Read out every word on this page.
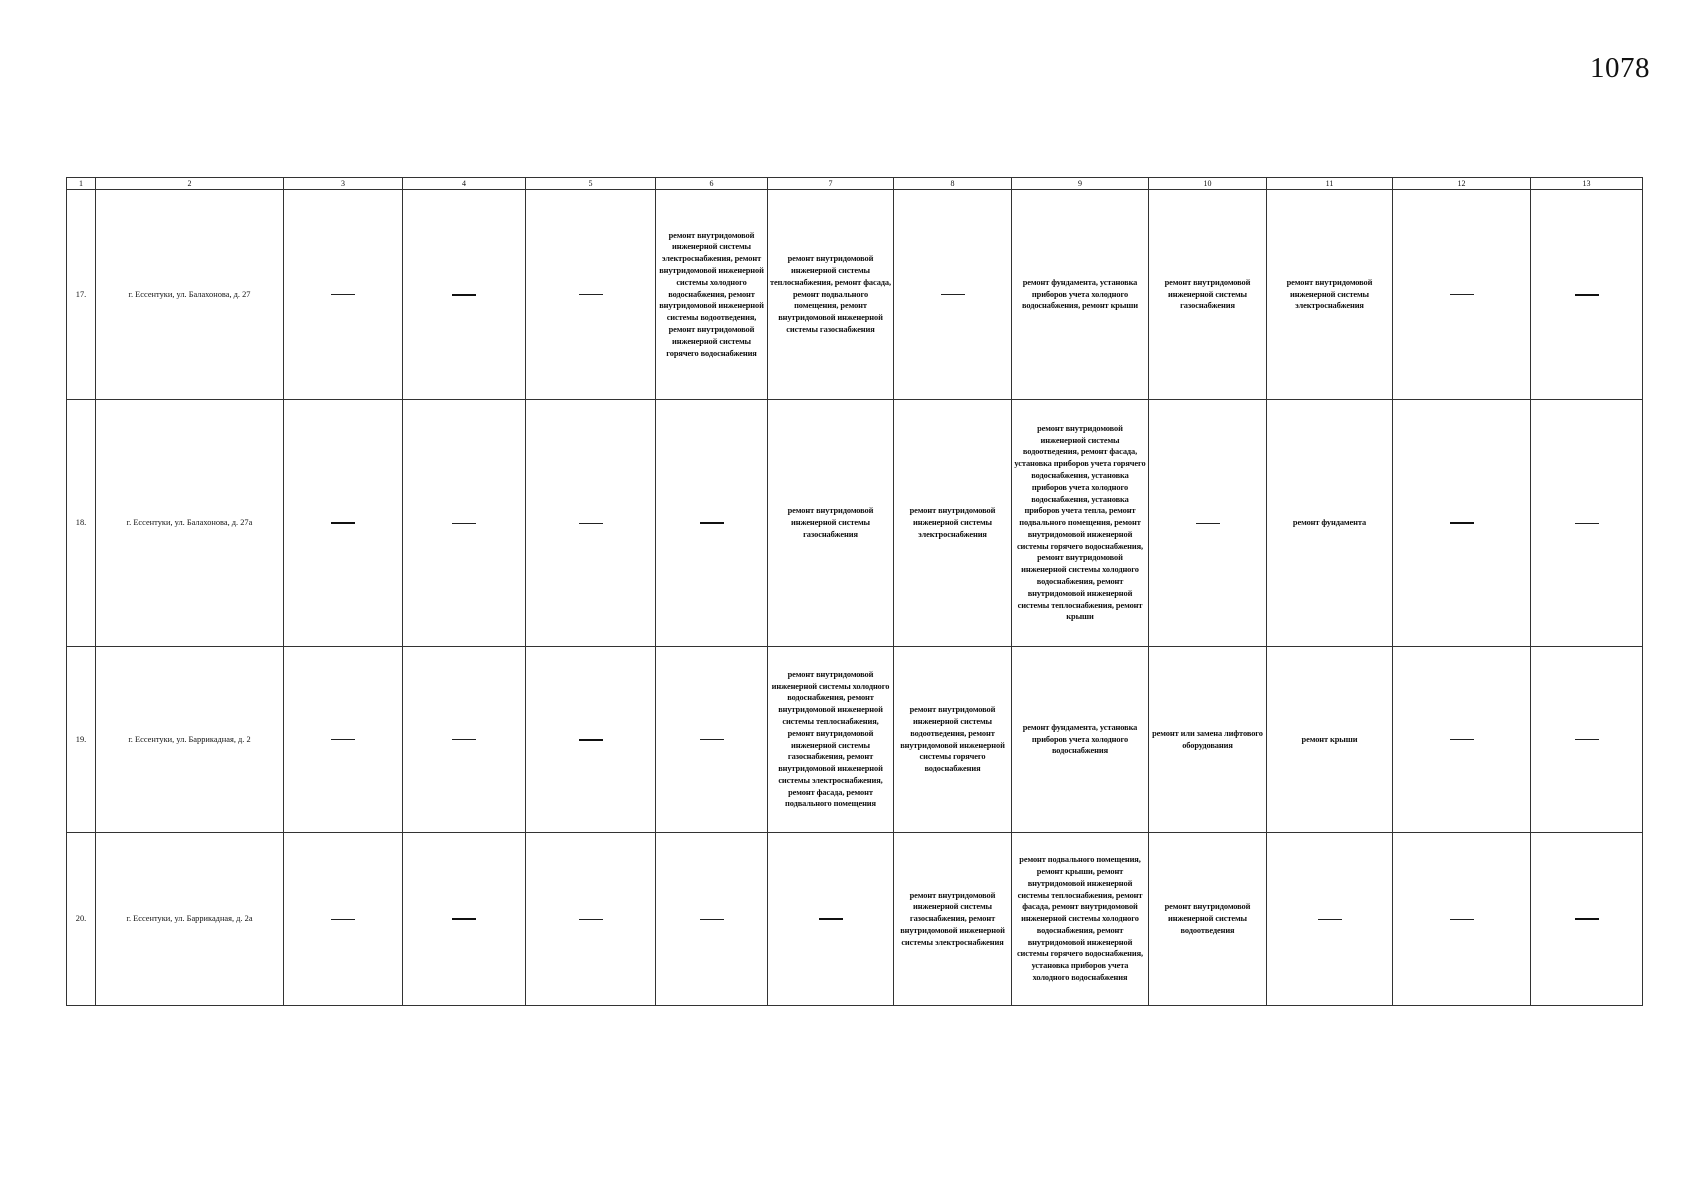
1078
1	2	3	4	5	6	7	8	9	10	11	12	13
17.	г. Ессентуки, ул. Балахонова, д. 27				ремонт внутридомовой инженерной системы электроснабжения, ремонт внутридомовой инженерной системы холодного водоснабжения, ремонт внутридомовой инженерной системы водоотведения, ремонт внутридомовой инженерной системы горячего водоснабжения	ремонт внутридомовой инженерной системы теплоснабжения, ремонт фасада, ремонт подвального помещения, ремонт внутридомовой инженерной системы газоснабжения		ремонт фундамента, установка приборов учета холодного водоснабжения, ремонт крыши	ремонт внутридомовой инженерной системы газоснабжения	ремонт внутридомовой инженерной системы электроснабжения		
18.	г. Ессентуки, ул. Балахонова, д. 27а					ремонт внутридомовой инженерной системы газоснабжения	ремонт внутридомовой инженерной системы электроснабжения	ремонт внутридомовой инженерной системы водоотведения, ремонт фасада, установка приборов учета горячего водоснабжения, установка приборов учета холодного водоснабжения, установка приборов учета тепла, ремонт подвального помещения, ремонт внутридомовой инженерной системы горячего водоснабжения, ремонт внутридомовой инженерной системы холодного водоснабжения, ремонт внутридомовой инженерной системы теплоснабжения, ремонт крыши		ремонт фундамента		
19.	г. Ессентуки, ул. Баррикадная, д. 2					ремонт внутридомовой инженерной системы холодного водоснабжения, ремонт внутридомовой инженерной системы теплоснабжения, ремонт внутридомовой инженерной системы газоснабжения, ремонт внутридомовой инженерной системы электроснабжения, ремонт фасада, ремонт подвального помещения	ремонт внутридомовой инженерной системы водоотведения, ремонт внутридомовой инженерной системы горячего водоснабжения	ремонт фундамента, установка приборов учета холодного водоснабжения	ремонт или замена лифтового оборудования	ремонт крыши		
20.	г. Ессентуки, ул. Баррикадная, д. 2а						ремонт внутридомовой инженерной системы газоснабжения, ремонт внутридомовой инженерной системы электроснабжения	ремонт подвального помещения, ремонт крыши, ремонт внутридомовой инженерной системы теплоснабжения, ремонт фасада, ремонт внутридомовой инженерной системы холодного водоснабжения, ремонт внутридомовой инженерной системы горячего водоснабжения, установка приборов учета холодного водоснабжения	ремонт внутридомовой инженерной системы водоотведения			
